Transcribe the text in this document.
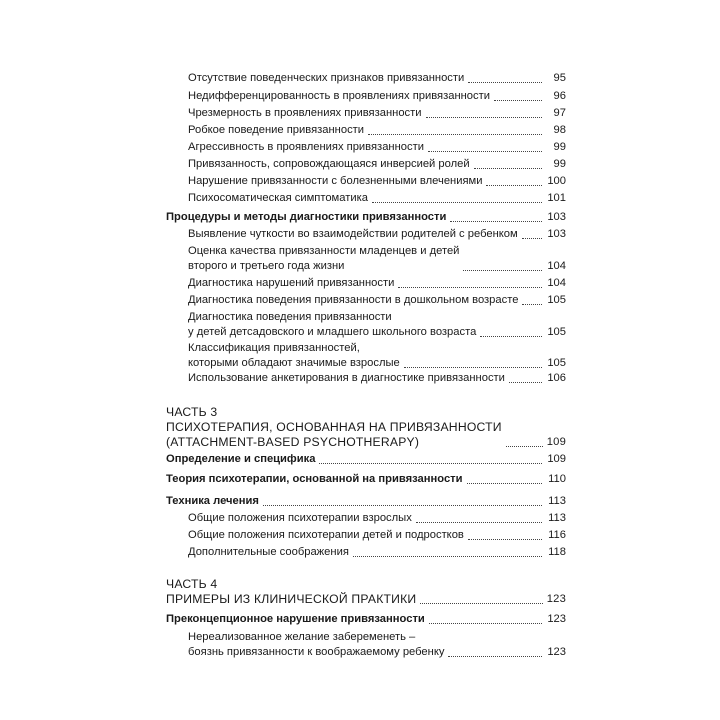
Отсутствие поведенческих признаков привязанности	95
Недифференцированность в проявлениях привязанности	96
Чрезмерность в проявлениях привязанности	97
Робкое поведение привязанности	98
Агрессивность в проявлениях привязанности	99
Привязанность, сопровождающаяся инверсией ролей	99
Нарушение привязанности с болезненными влечениями	100
Психосоматическая симптоматика	101
Процедуры и методы диагностики привязанности	103
Выявление чуткости во взаимодействии родителей с ребенком	103
Оценка качества привязанности младенцев и детей
второго и третьего года жизни	104
Диагностика нарушений привязанности	104
Диагностика поведения привязанности в дошкольном возрасте	105
Диагностика поведения привязанности
у детей детсадовского и младшего школьного возраста	105
Классификация привязанностей,
которыми обладают значимые взрослые	105
Использование анкетирования в диагностике привязанности	106
ЧАСТЬ 3
ПСИХОТЕРАПИЯ, ОСНОВАННАЯ НА ПРИВЯЗАННОСТИ
(ATTACHMENT-BASED PSYCHOTHERAPY)	109
Определение и специфика	109
Теория психотерапии, основанной на привязанности	110
Техника лечения	113
Общие положения психотерапии взрослых	113
Общие положения психотерапии детей и подростков	116
Дополнительные соображения	118
ЧАСТЬ 4
ПРИМЕРЫ ИЗ КЛИНИЧЕСКОЙ ПРАКТИКИ	123
Преконцепционное нарушение привязанности	123
Нереализованное желание забеременеть –
боязнь привязанности к воображаемому ребенку	123
